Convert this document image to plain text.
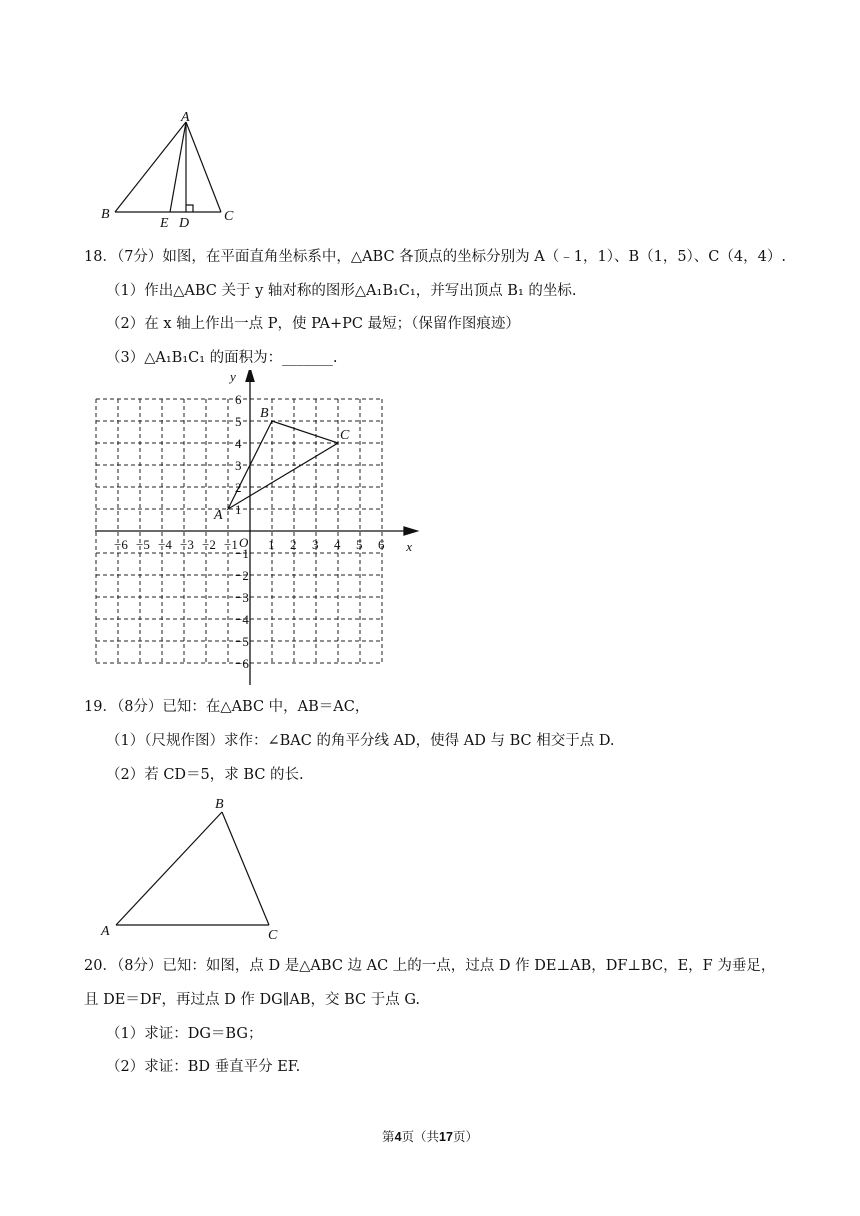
A
B	C
E D
18．（7分）如图，在平面直角坐标系中，△ABC 各顶点的坐标分别为 A（﹣1，1）、B（1，5）、C（4，4）.
（1）作出△ABC 关于 y 轴对称的图形△A₁B₁C₁，并写出顶点 B₁ 的坐标.
（2）在 x 轴上作出一点 P，使 PA+PC 最短；（保留作图痕迹）
（3）△A₁B₁C₁ 的面积为：_______.
−6 −5 −4 −3 −2 −1 1 2 3 4 5 6
6
5
4
3
2
1
−1
−2
−3
−4
−5
−6
O	x
y
A
B
C
19．（8分）已知：在△ABC 中，AB＝AC，
（1）（尺规作图）求作：∠BAC 的角平分线 AD，使得 AD 与 BC 相交于点 D.
（2）若 CD＝5，求 BC 的长.
B
A	C
20．（8分）已知：如图，点 D 是△ABC 边 AC 上的一点，过点 D 作 DE⊥AB，DF⊥BC，E，F 为垂足，
且 DE＝DF，再过点 D 作 DG∥AB，交 BC 于点 G.
（1）求证：DG＝BG；
（2）求证：BD 垂直平分 EF.
第4页（共17页）
